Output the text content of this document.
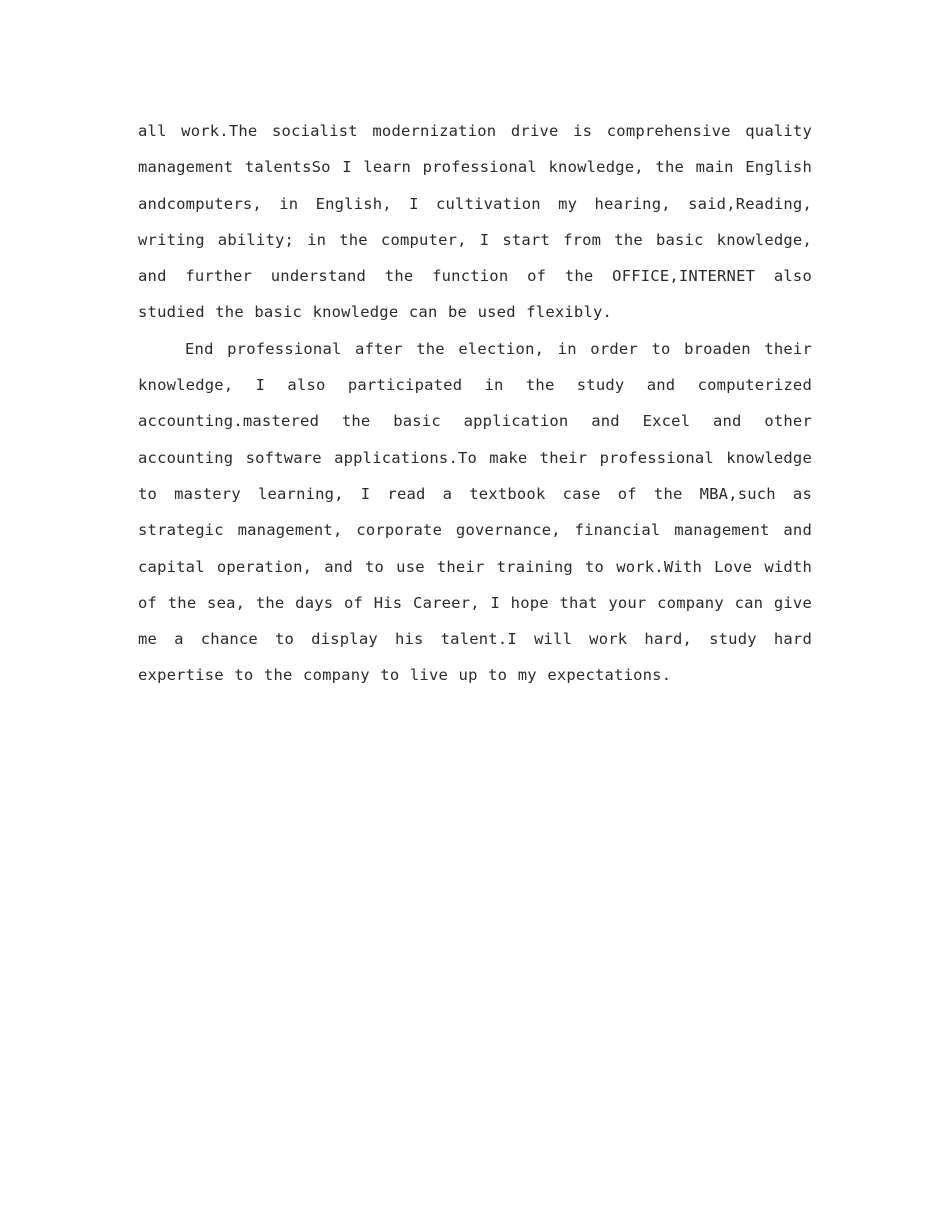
all work.The socialist modernization drive is comprehensive quality management talentsSo I learn professional knowledge, the main English andcomputers, in English, I cultivation my hearing, said,Reading, writing ability; in the computer, I start from the basic knowledge, and further understand the function of the OFFICE,INTERNET also studied the basic knowledge can be used flexibly.

End professional after the election, in order to broaden their knowledge, I also participated in the study and computerized accounting.mastered the basic application and Excel and other accounting software applications.To make their professional knowledge to mastery learning, I read a textbook case of the MBA,such as strategic management, corporate governance, financial management and capital operation, and to use their training to work.With Love width of the sea, the days of His Career, I hope that your company can give me a chance to display his talent.I will work hard, study hard expertise to the company to live up to my expectations.
